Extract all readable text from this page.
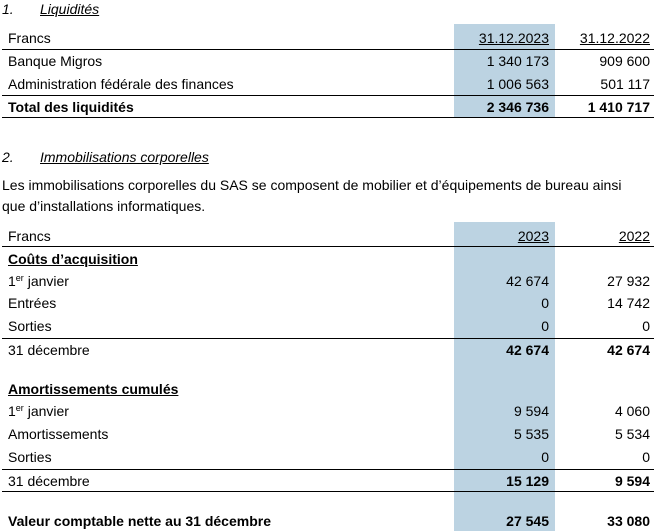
1. Liquidités
Francs	31.12.2023	31.12.2022
Banque Migros	1 340 173	909 600
Administration fédérale des finances	1 006 563	501 117
Total des liquidités	2 346 736	1 410 717
2. Immobilisations corporelles
Les immobilisations corporelles du SAS se composent de mobilier et d’équipements de bureau ainsi
que d’installations informatiques.
Francs	2023	2022
Coûts d’acquisition
1er janvier	42 674	27 932
Entrées	0	14 742
Sorties	0	0
31 décembre	42 674	42 674
Amortissements cumulés
1er janvier	9 594	4 060
Amortissements	5 535	5 534
Sorties	0	0
31 décembre	15 129	9 594
Valeur comptable nette au 31 décembre	27 545	33 080
